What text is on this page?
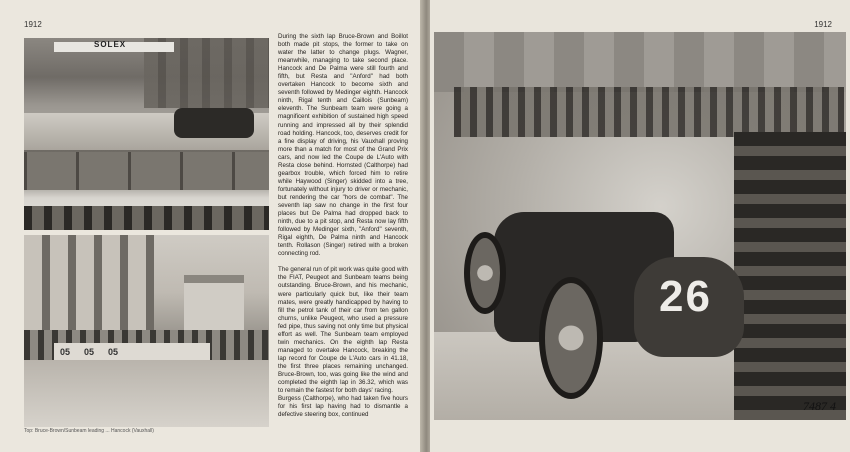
1912
SOLEX
05 05 05
Top: Bruce-Brown/Sunbeam leading ... Hancock (Vauxhall)

During the sixth lap Bruce-Brown and Boillot both made pit stops, the former to take on water the latter to change plugs. Wagner, meanwhile, managing to take second place. Hancock and De Palma were still fourth and fifth, but Resta and "Anford" had both overtaken Hancock to become sixth and seventh followed by Medinger eighth. Hancock ninth, Rigal tenth and Caillois (Sunbeam) eleventh. The Sunbeam team were going a magnificent exhibition of sustained high speed running and impressed all by their splendid road holding. Hancock, too, deserves credit for a fine display of driving, his Vauxhall proving more than a match for most of the Grand Prix cars, and now led the Coupe de L'Auto with Resta close behind. Hornsted (Calthorpe) had gearbox trouble, which forced him to retire while Haywood (Singer) skidded into a tree, fortunately without injury to driver or mechanic, but rendering the car "hors de combat". The seventh lap saw no change in the first four places but De Palma had dropped back to ninth, due to a pit stop, and Resta now lay fifth followed by Medinger sixth, "Anford" seventh, Rigal eighth, De Palma ninth and Hancock tenth. Rollason (Singer) retired with a broken connecting rod.

The general run of pit work was quite good with the FIAT, Peugeot and Sunbeam teams being outstanding. Bruce-Brown, and his mechanic, were particularly quick but, like their team mates, were greatly handicapped by having to fill the petrol tank of their car from ten gallon churns, unlike Peugeot, who used a pressure fed pipe, thus saving not only time but physical effort as well. The Sunbeam team employed twin mechanics. On the eighth lap Resta managed to overtake Hancock, breaking the lap record for Coupe de L'Auto cars in 41.18, the first three places remaining unchanged. Bruce-Brown, too, was going like the wind and completed the eighth lap in 36.32, which was to remain the fastest for both days' racing.
Burgess (Calthorpe), who had taken five hours for his first lap having had to dismantle a defective steering box, continued

1912
26
7487 4
